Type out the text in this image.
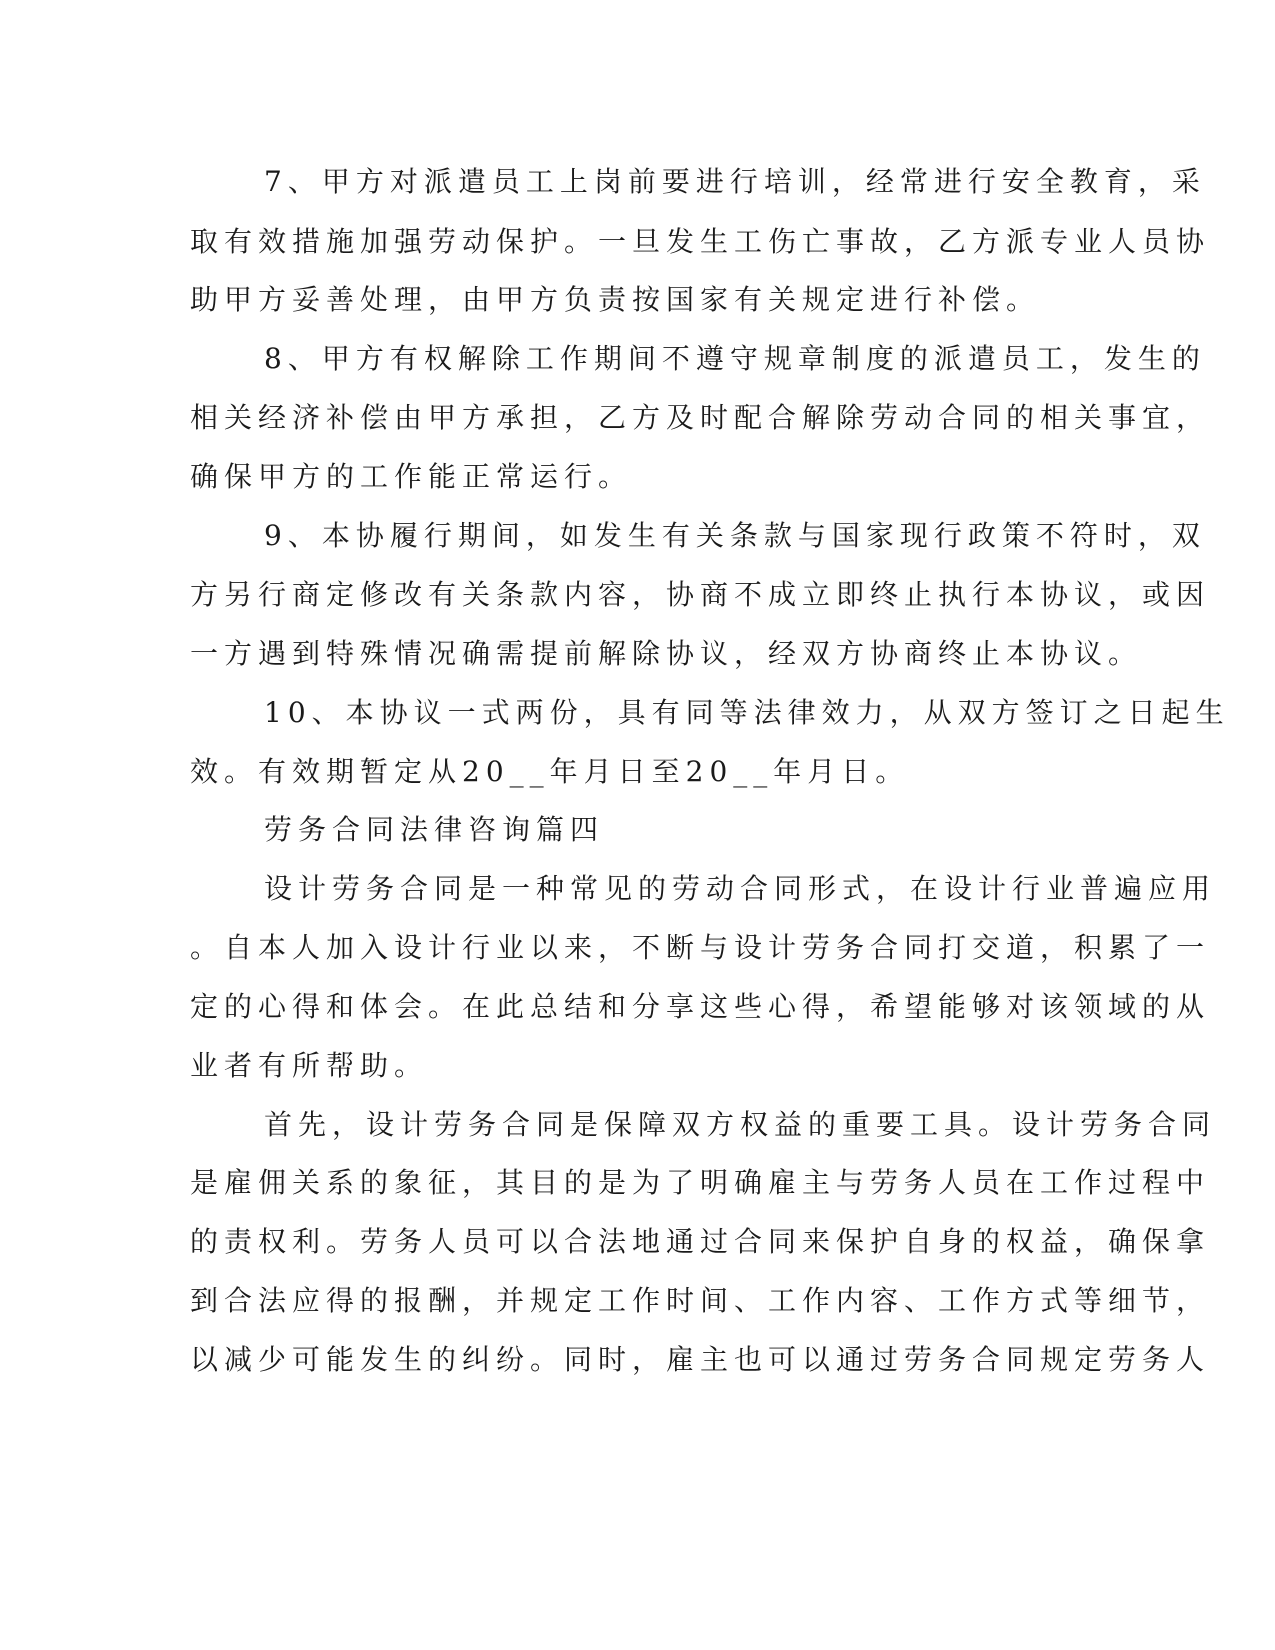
7、甲方对派遣员工上岗前要进行培训，经常进行安全教育，采
取有效措施加强劳动保护。一旦发生工伤亡事故，乙方派专业人员协
助甲方妥善处理，由甲方负责按国家有关规定进行补偿。
8、甲方有权解除工作期间不遵守规章制度的派遣员工，发生的
相关经济补偿由甲方承担，乙方及时配合解除劳动合同的相关事宜，
确保甲方的工作能正常运行。
9、本协履行期间，如发生有关条款与国家现行政策不符时，双
方另行商定修改有关条款内容，协商不成立即终止执行本协议，或因
一方遇到特殊情况确需提前解除协议，经双方协商终止本协议。
10、本协议一式两份，具有同等法律效力，从双方签订之日起生
效。有效期暂定从20__年月日至20__年月日。
劳务合同法律咨询篇四
设计劳务合同是一种常见的劳动合同形式，在设计行业普遍应用
。自本人加入设计行业以来，不断与设计劳务合同打交道，积累了一
定的心得和体会。在此总结和分享这些心得，希望能够对该领域的从
业者有所帮助。
首先，设计劳务合同是保障双方权益的重要工具。设计劳务合同
是雇佣关系的象征，其目的是为了明确雇主与劳务人员在工作过程中
的责权利。劳务人员可以合法地通过合同来保护自身的权益，确保拿
到合法应得的报酬，并规定工作时间、工作内容、工作方式等细节，
以减少可能发生的纠纷。同时，雇主也可以通过劳务合同规定劳务人
